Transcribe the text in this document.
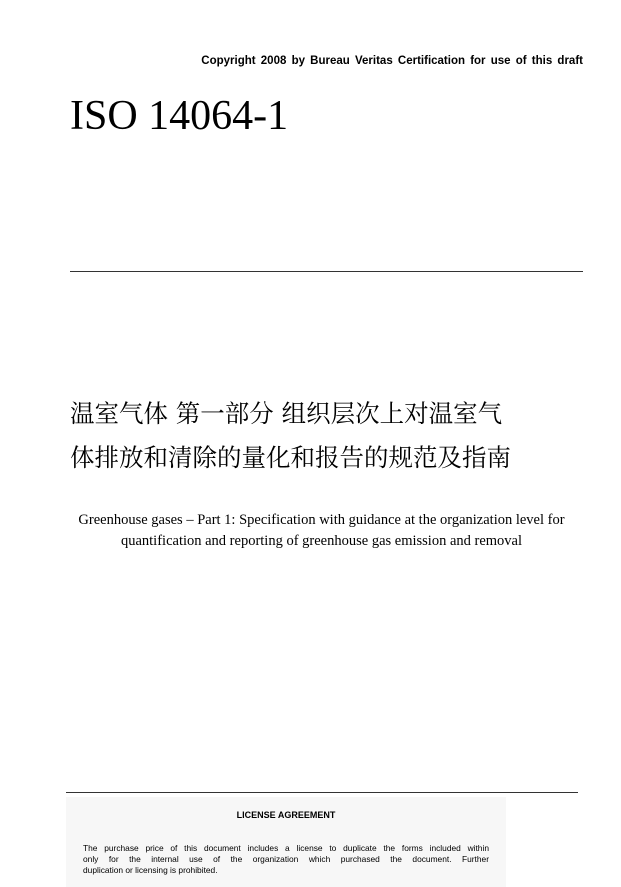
Copyright 2008 by Bureau Veritas Certification for use of this draft
ISO 14064-1
温室气体 第一部分 组织层次上对温室气
体排放和清除的量化和报告的规范及指南
Greenhouse gases – Part 1: Specification with guidance at the organization level for
quantification and reporting of greenhouse gas emission and removal
LICENSE AGREEMENT
The purchase price of this document includes a license to duplicate the forms included within
only for the internal use of the organization which purchased the document. Further
duplication or licensing is prohibited.
